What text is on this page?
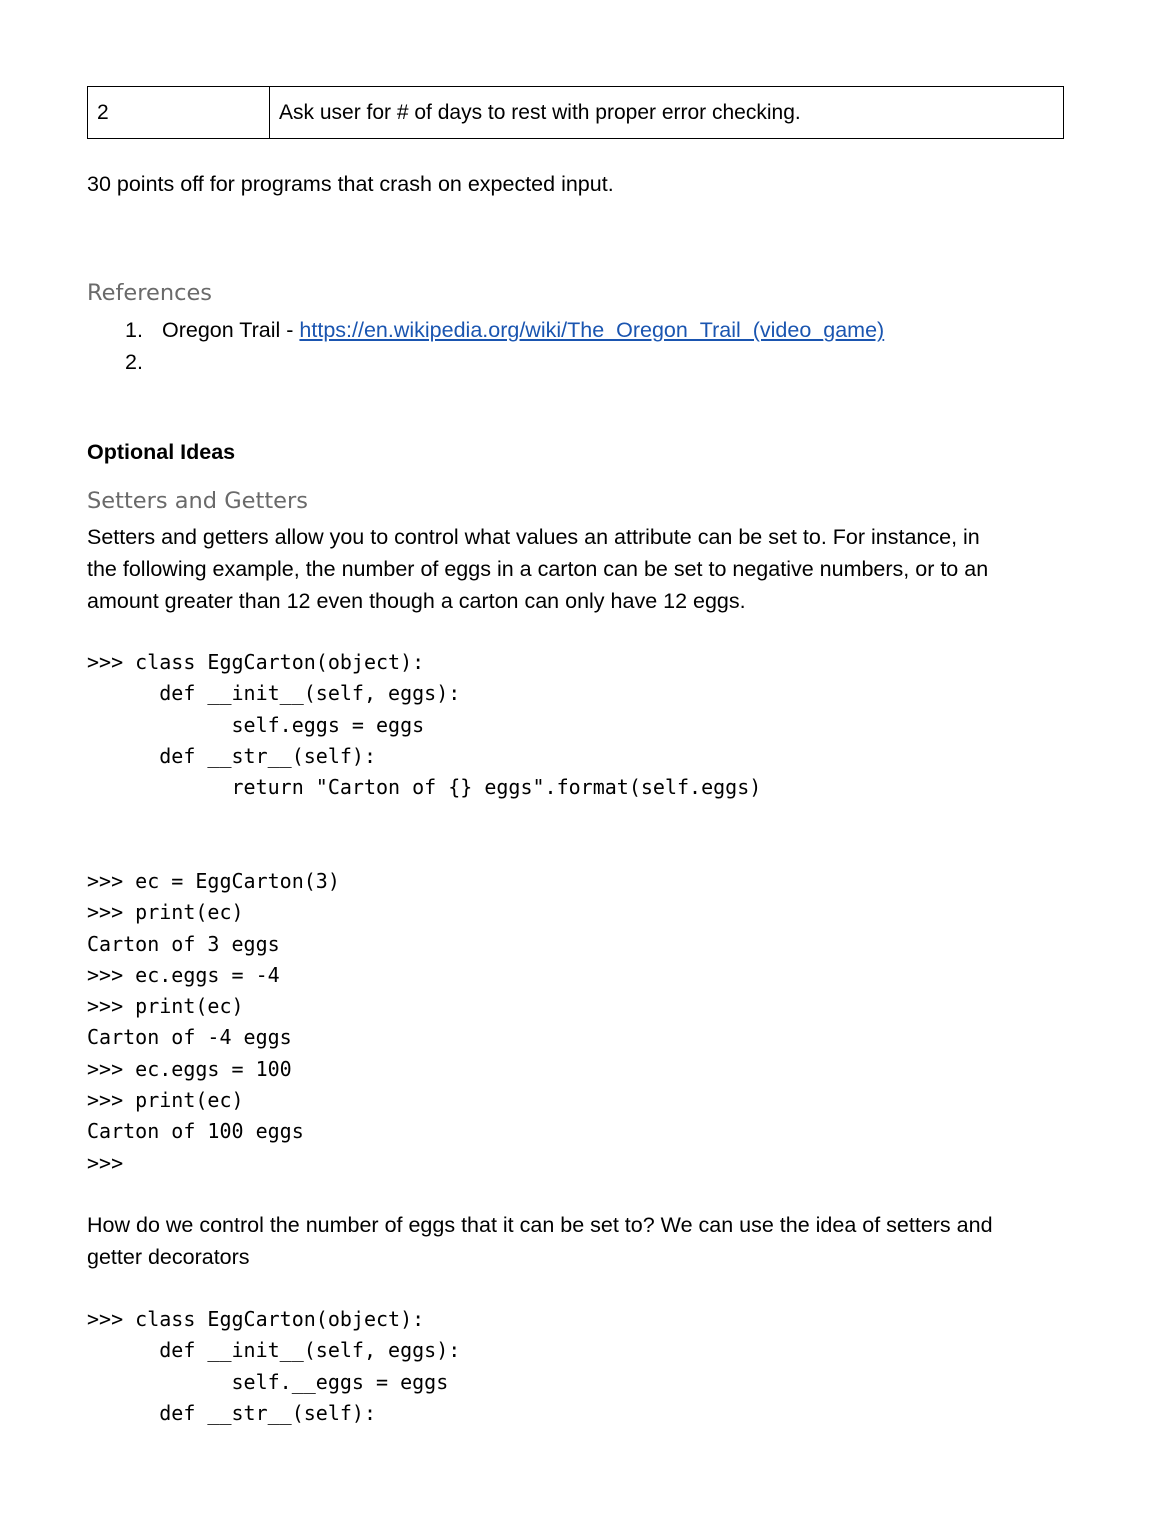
2	Ask user for # of days to rest with proper error checking.
30 points off for programs that crash on expected input.
References
1. Oregon Trail - https://en.wikipedia.org/wiki/The_Oregon_Trail_(video_game)
2.
Optional Ideas
Setters and Getters
Setters and getters allow you to control what values an attribute can be set to. For instance, in
the following example, the number of eggs in a carton can be set to negative numbers, or to an
amount greater than 12 even though a carton can only have 12 eggs.
>>> class EggCarton(object):
def __init__(self, eggs):
self.eggs = eggs
def __str__(self):
return "Carton of {} eggs".format(self.eggs)
>>> ec = EggCarton(3)
>>> print(ec)
Carton of 3 eggs
>>> ec.eggs = -4
>>> print(ec)
Carton of -4 eggs
>>> ec.eggs = 100
>>> print(ec)
Carton of 100 eggs
>>>
How do we control the number of eggs that it can be set to? We can use the idea of setters and
getter decorators
>>> class EggCarton(object):
def __init__(self, eggs):
self.__eggs = eggs
def __str__(self):
